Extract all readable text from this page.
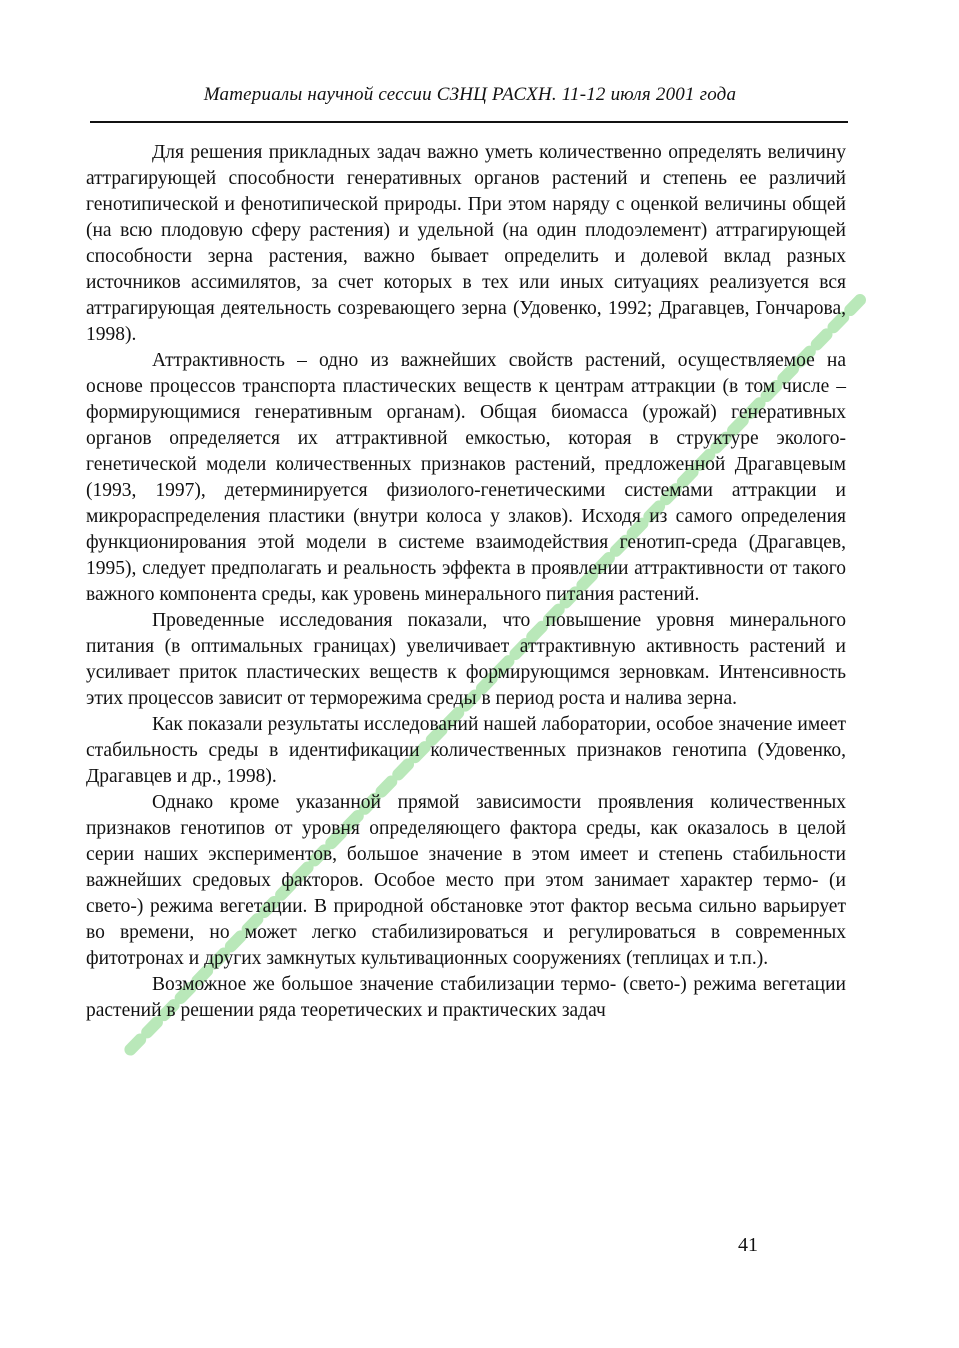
Материалы научной сессии СЗНЦ РАСХН. 11-12 июля 2001 года

Для решения прикладных задач важно уметь количественно определять величину аттрагирующей способности генеративных органов растений и степень ее различий генотипической и фенотипической природы. При этом наряду с оценкой величины общей (на всю плодовую сферу растения) и удельной (на один плодоэлемент) аттрагирующей способности зерна растения, важно бывает определить и долевой вклад разных источников ассимилятов, за счет которых в тех или иных ситуациях реализуется вся аттрагирующая деятельность созревающего зерна (Удовенко, 1992; Драгавцев, Гончарова, 1998).

Аттрактивность – одно из важнейших свойств растений, осуществляемое на основе процессов транспорта пластических веществ к центрам аттракции (в том числе – формирующимися генеративным органам). Общая биомасса (урожай) генеративных органов определяется их аттрактивной емкостью, которая в структуре эколого-генетической модели количественных признаков растений, предложенной Драгавцевым (1993, 1997), детерминируется физиолого-генетическими системами аттракции и микрораспределения пластики (внутри колоса у злаков). Исходя из самого определения функционирования этой модели в системе взаимодействия генотип-среда (Драгавцев, 1995), следует предполагать и реальность эффекта в проявлении аттрактивности от такого важного компонента среды, как уровень минерального питания растений.

Проведенные исследования показали, что повышение уровня минерального питания (в оптимальных границах) увеличивает аттрактивную активность растений и усиливает приток пластических веществ к формирующимся зерновкам. Интенсивность этих процессов зависит от терморежима среды в период роста и налива зерна.

Как показали результаты исследований нашей лаборатории, особое значение имеет стабильность среды в идентификации количественных признаков генотипа (Удовенко, Драгавцев и др., 1998).

Однако кроме указанной прямой зависимости проявления количественных признаков генотипов от уровня определяющего фактора среды, как оказалось в целой серии наших экспериментов, большое значение в этом имеет и степень стабильности важнейших средовых факторов. Особое место при этом занимает характер термо- (и свето-) режима вегетации. В природной обстановке этот фактор весьма сильно варьирует во времени, но может легко стабилизироваться и регулироваться в современных фитотронах и других замкнутых культивационных сооружениях (теплицах и т.п.).

Возможное же большое значение стабилизации термо- (свето-) режима вегетации растений в решении ряда теоретических и практических задач

41
